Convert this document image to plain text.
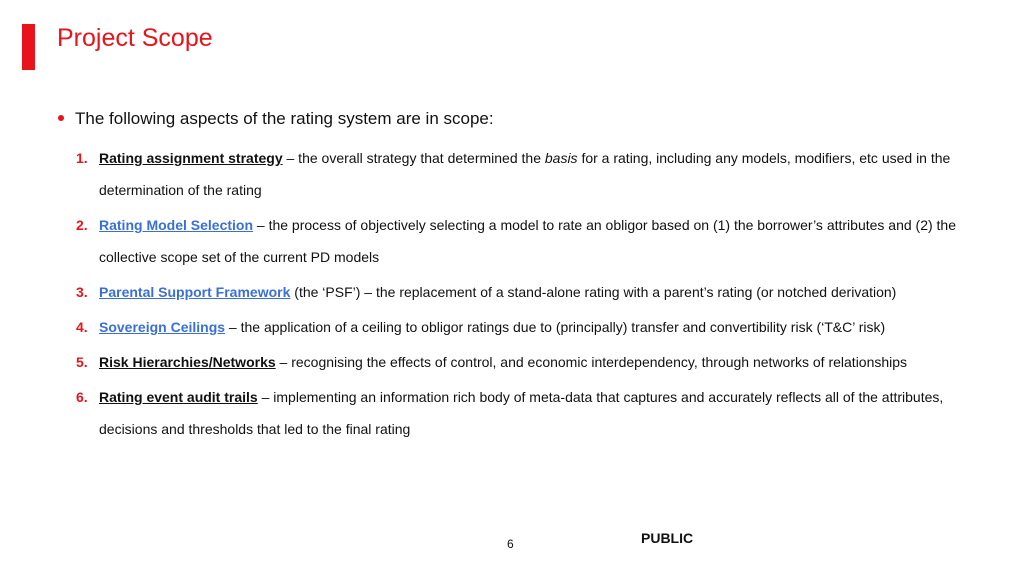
Project Scope
The following aspects of the rating system are in scope:
1. Rating assignment strategy – the overall strategy that determined the basis for a rating, including any models, modifiers, etc used in the determination of the rating
2. Rating Model Selection – the process of objectively selecting a model to rate an obligor based on (1) the borrower’s attributes and (2) the collective scope set of the current PD models
3. Parental Support Framework (the ‘PSF’) – the replacement of a stand-alone rating with a parent’s rating (or notched derivation)
4. Sovereign Ceilings – the application of a ceiling to obligor ratings due to (principally) transfer and convertibility risk (‘T&C’ risk)
5. Risk Hierarchies/Networks – recognising the effects of control, and economic interdependency, through networks of relationships
6. Rating event audit trails – implementing an information rich body of meta-data that captures and accurately reflects all of the attributes, decisions and thresholds that led to the final rating
6	PUBLIC
